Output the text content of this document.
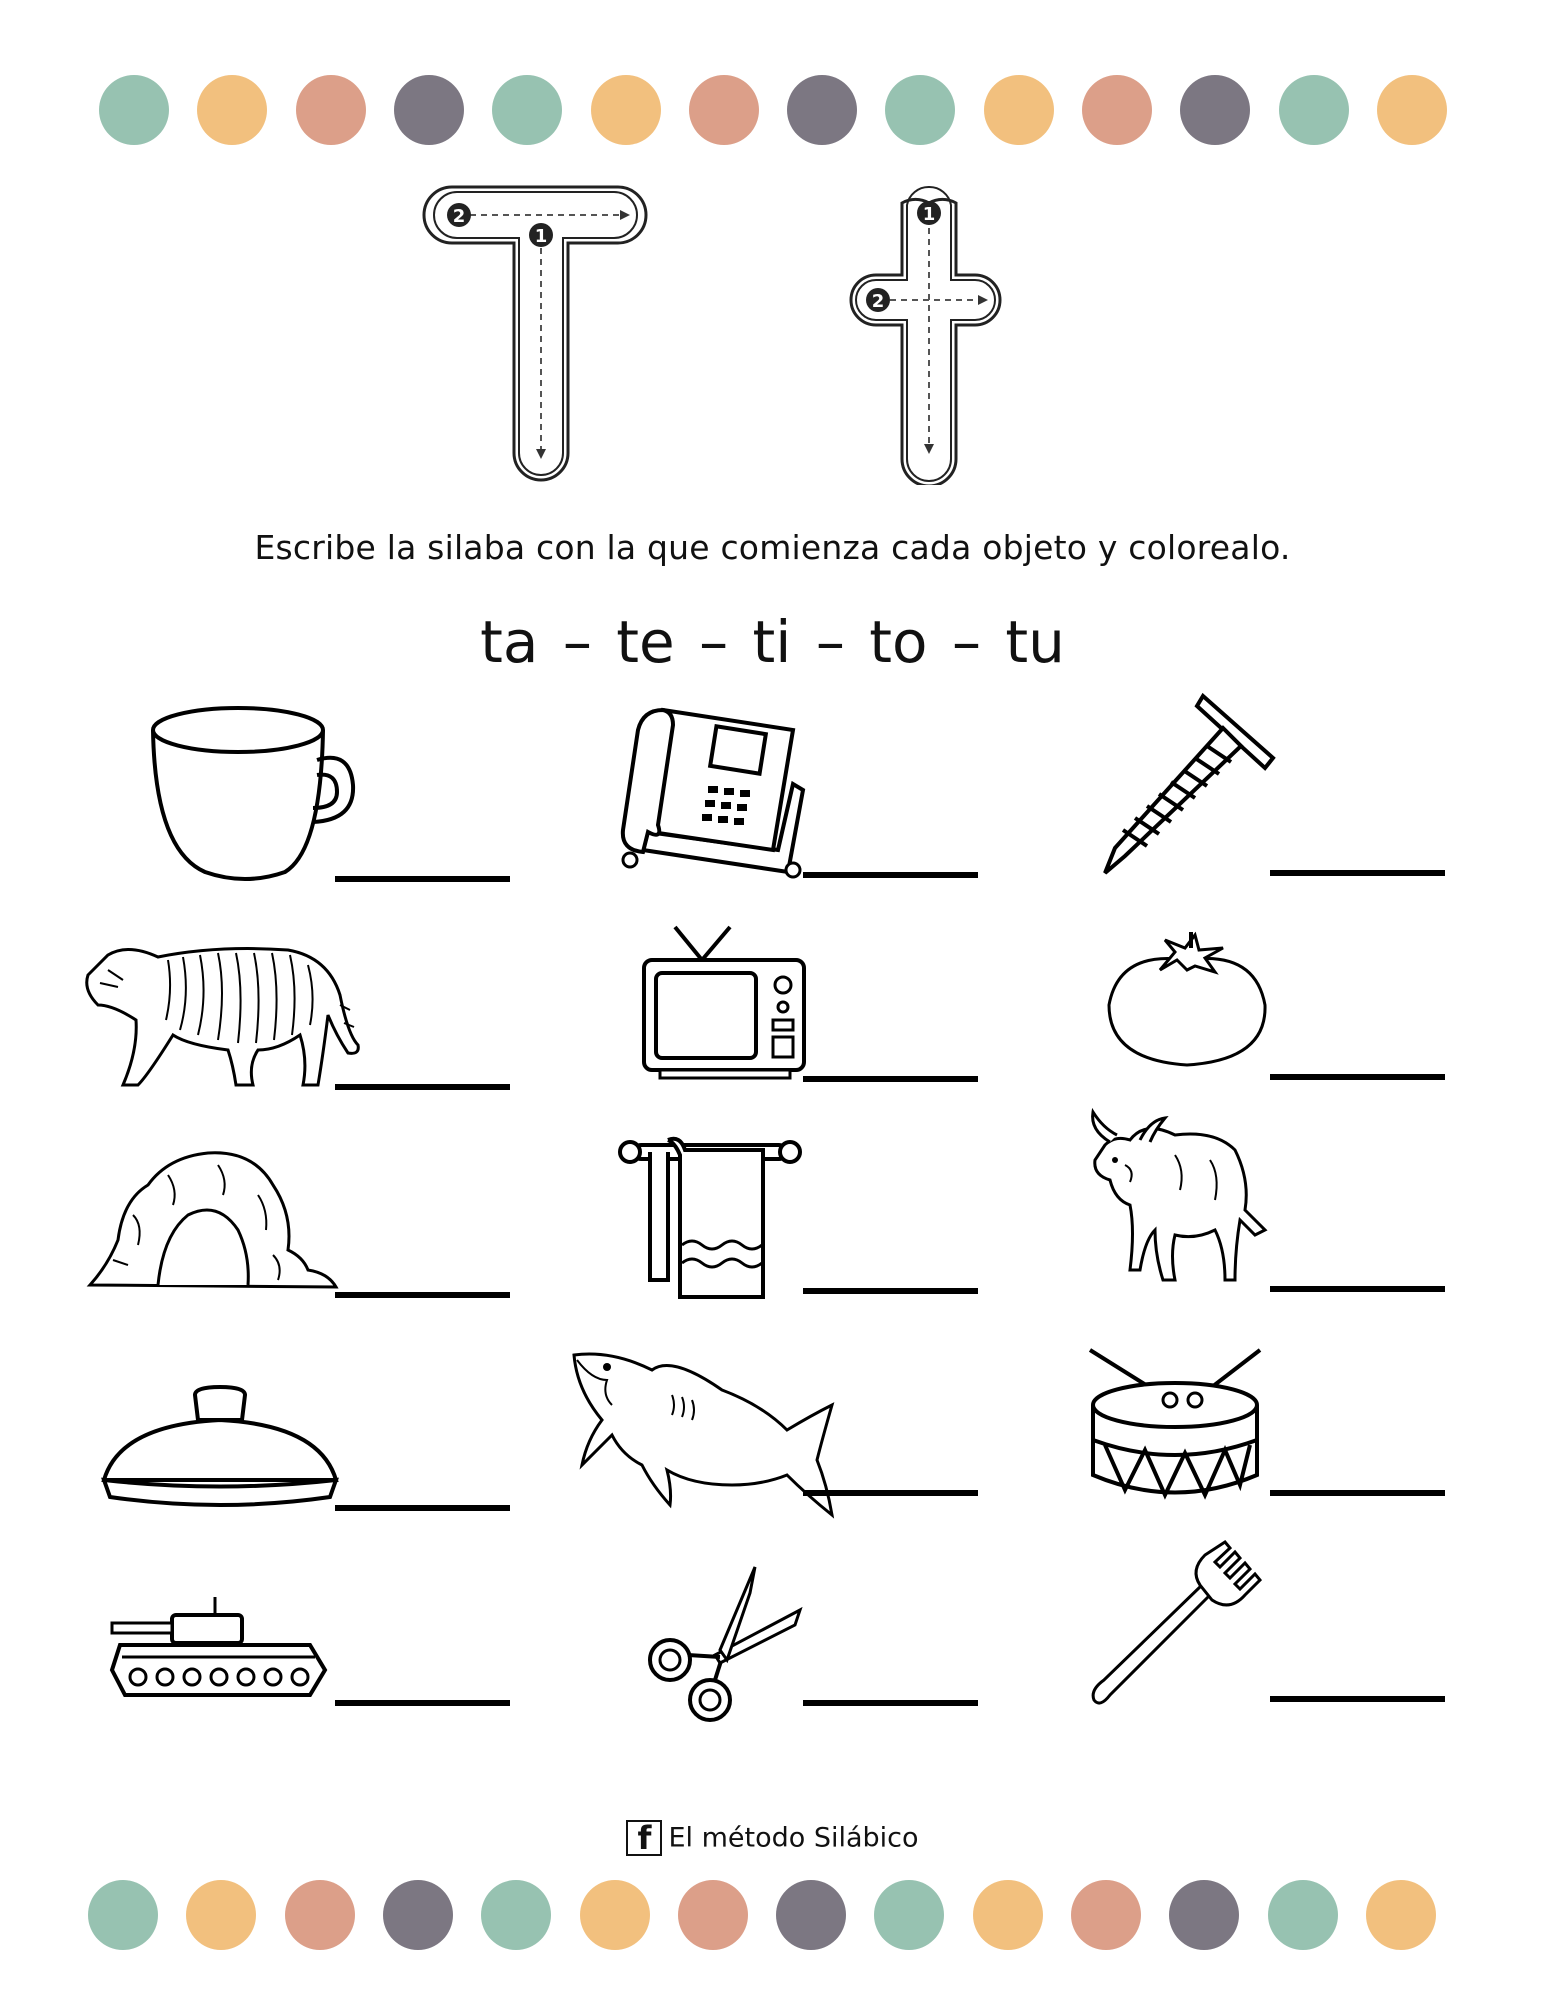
2
1
1
2
Escribe la silaba con la que comienza cada objeto y colorealo.
ta – te – ti – to – tu
f El método Silábico
